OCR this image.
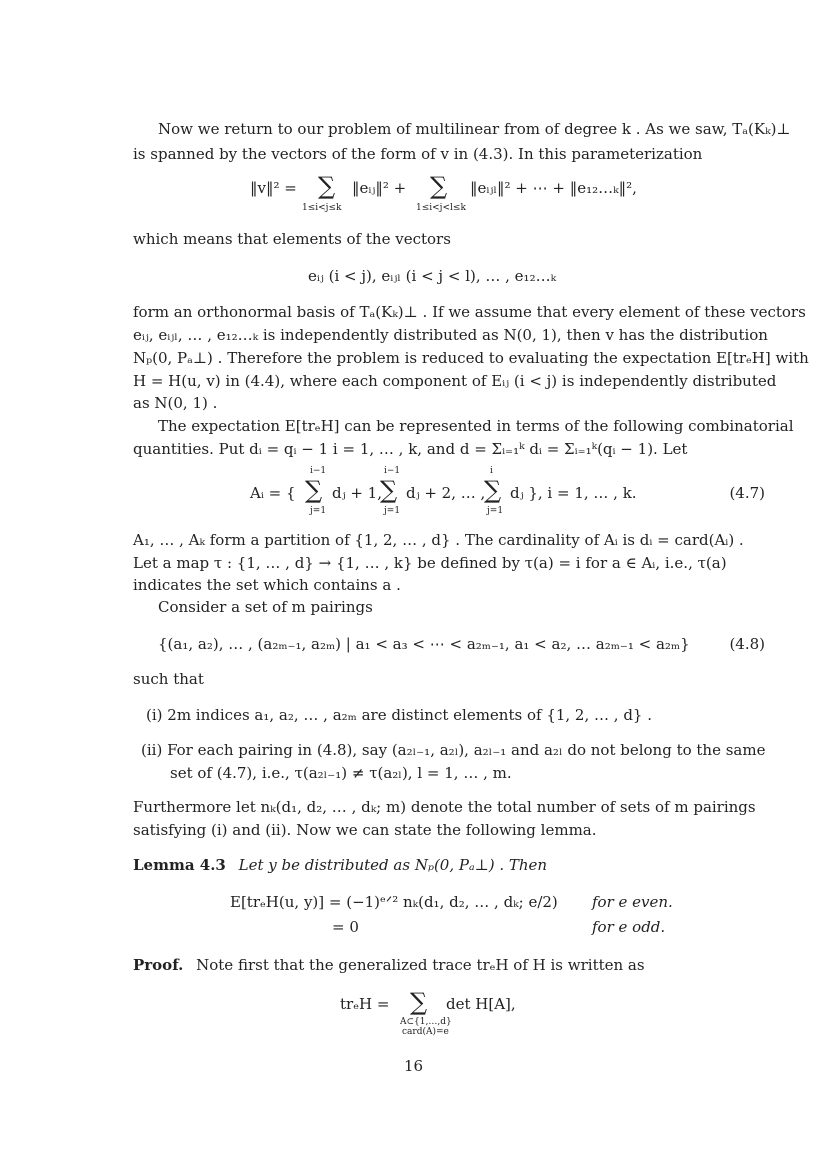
Now we return to our problem of multilinear from of degree k . As we saw, Tₐ(Kₖ)⊥
is spanned by the vectors of the form of v in (4.3). In this parameterization
‖v‖² = ∑ ‖eᵢⱼ‖² +
1≤i<j≤k
∑ ‖eᵢⱼₗ‖² + ⋯ + ‖e₁₂…ₖ‖²,
1≤i<j<l≤k
which means that elements of the vectors
eᵢⱼ (i < j), eᵢⱼₗ (i < j < l), … , e₁₂…ₖ
form an orthonormal basis of Tₐ(Kₖ)⊥ . If we assume that every element of these vectors
eᵢⱼ, eᵢⱼₗ, … , e₁₂…ₖ is independently distributed as N(0, 1), then v has the distribution
Nₚ(0, Pₐ⊥) . Therefore the problem is reduced to evaluating the expectation E[trₑH] with
H = H(u, v) in (4.4), where each component of Eᵢⱼ (i < j) is independently distributed
as N(0, 1) .
The expectation E[trₑH] can be represented in terms of the following combinatorial
quantities. Put dᵢ = qᵢ − 1 i = 1, … , k, and d = Σᵢ₌₁ᵏ dᵢ = Σᵢ₌₁ᵏ(qᵢ − 1). Let
Aᵢ = {
i−1
∑
j=1
dⱼ + 1,
i−1
∑
j=1
dⱼ + 2, … ,
i
∑
j=1
dⱼ }, i = 1, … , k.	(4.7)
A₁, … , Aₖ form a partition of {1, 2, … , d} . The cardinality of Aᵢ is dᵢ = card(Aᵢ) .
Let a map τ : {1, … , d} → {1, … , k} be defined by τ(a) = i for a ∈ Aᵢ, i.e., τ(a)
indicates the set which contains a .
Consider a set of m pairings
{(a₁, a₂), … , (a₂ₘ₋₁, a₂ₘ) | a₁ < a₃ < ⋯ < a₂ₘ₋₁, a₁ < a₂, … a₂ₘ₋₁ < a₂ₘ}	(4.8)
such that
(i) 2m indices a₁, a₂, … , a₂ₘ are distinct elements of {1, 2, … , d} .
(ii) For each pairing in (4.8), say (a₂ₗ₋₁, a₂ₗ), a₂ₗ₋₁ and a₂ₗ do not belong to the same
set of (4.7), i.e., τ(a₂ₗ₋₁) ≠ τ(a₂ₗ), l = 1, … , m.
Furthermore let nₖ(d₁, d₂, … , dₖ; m) denote the total number of sets of m pairings
satisfying (i) and (ii). Now we can state the following lemma.
Lemma 4.3 Let y be distributed as Nₚ(0, Pₐ⊥) . Then
E[trₑH(u, y)] = (−1)ᵉᐟ² nₖ(d₁, d₂, … , dₖ; e/2) for e even.
= 0	for e odd.
Proof. Note first that the generalized trace trₑH of H is written as
trₑH = ∑ det H[A],
A⊂{1,…,d}
card(A)=e
16
